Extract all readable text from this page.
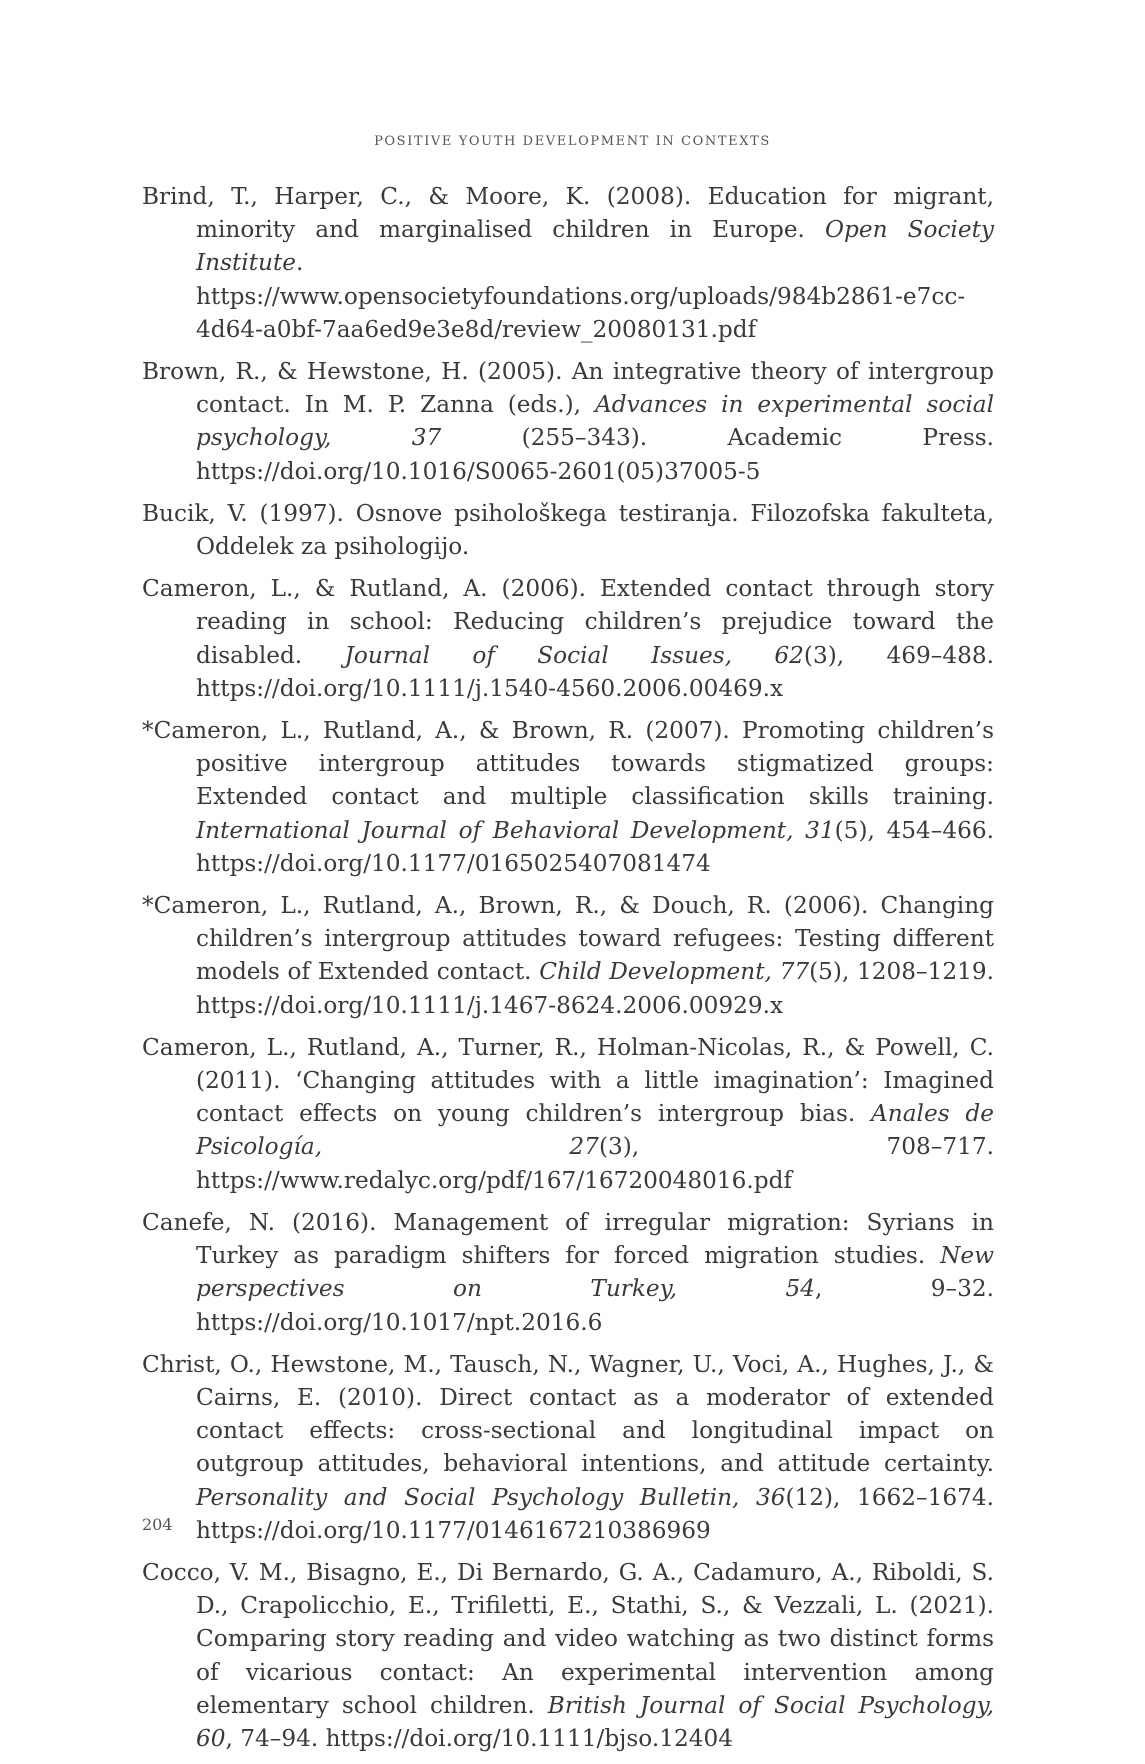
POSITIVE YOUTH DEVELOPMENT IN CONTEXTS

Brind, T., Harper, C., & Moore, K. (2008). Education for migrant, minority and marginalised children in Europe. Open Society Institute. https://www.opensocietyfoundations.org/uploads/984b2861-e7cc-4d64-a0bf-7aa6ed9e3e8d/review_20080131.pdf

Brown, R., & Hewstone, H. (2005). An integrative theory of intergroup contact. In M. P. Zanna (eds.), Advances in experimental social psychology, 37 (255–343). Academic Press. https://doi.org/10.1016/S0065-2601(05)37005-5

Bucik, V. (1997). Osnove psihološkega testiranja. Filozofska fakulteta, Oddelek za psihologijo.

Cameron, L., & Rutland, A. (2006). Extended contact through story reading in school: Reducing children’s prejudice toward the disabled. Journal of Social Issues, 62(3), 469–488. https://doi.org/10.1111/j.1540-4560.2006.00469.x

*Cameron, L., Rutland, A., & Brown, R. (2007). Promoting children’s positive intergroup attitudes towards stigmatized groups: Extended contact and multiple classification skills training. International Journal of Behavioral Development, 31(5), 454–466. https://doi.org/10.1177/0165025407081474

*Cameron, L., Rutland, A., Brown, R., & Douch, R. (2006). Changing children’s intergroup attitudes toward refugees: Testing different models of Extended contact. Child Development, 77(5), 1208–1219. https://doi.org/10.1111/j.1467-8624.2006.00929.x

Cameron, L., Rutland, A., Turner, R., Holman-Nicolas, R., & Powell, C. (2011). ‘Changing attitudes with a little imagination’: Imagined contact effects on young children’s intergroup bias. Anales de Psicología, 27(3), 708–717. https://www.redalyc.org/pdf/167/16720048016.pdf

Canefe, N. (2016). Management of irregular migration: Syrians in Turkey as paradigm shifters for forced migration studies. New perspectives on Turkey, 54, 9–32. https://doi.org/10.1017/npt.2016.6

Christ, O., Hewstone, M., Tausch, N., Wagner, U., Voci, A., Hughes, J., & Cairns, E. (2010). Direct contact as a moderator of extended contact effects: cross-sectional and longitudinal impact on outgroup attitudes, behavioral intentions, and attitude certainty. Personality and Social Psychology Bulletin, 36(12), 1662–1674. https://doi.org/10.1177/0146167210386969

Cocco, V. M., Bisagno, E., Di Bernardo, G. A., Cadamuro, A., Riboldi, S. D., Crapolicchio, E., Trifiletti, E., Stathi, S., & Vezzali, L. (2021). Comparing story reading and video watching as two distinct forms of vicarious contact: An experimental intervention among elementary school children. British Journal of Social Psychology, 60, 74–94. https://doi.org/10.1111/bjso.12404

204
